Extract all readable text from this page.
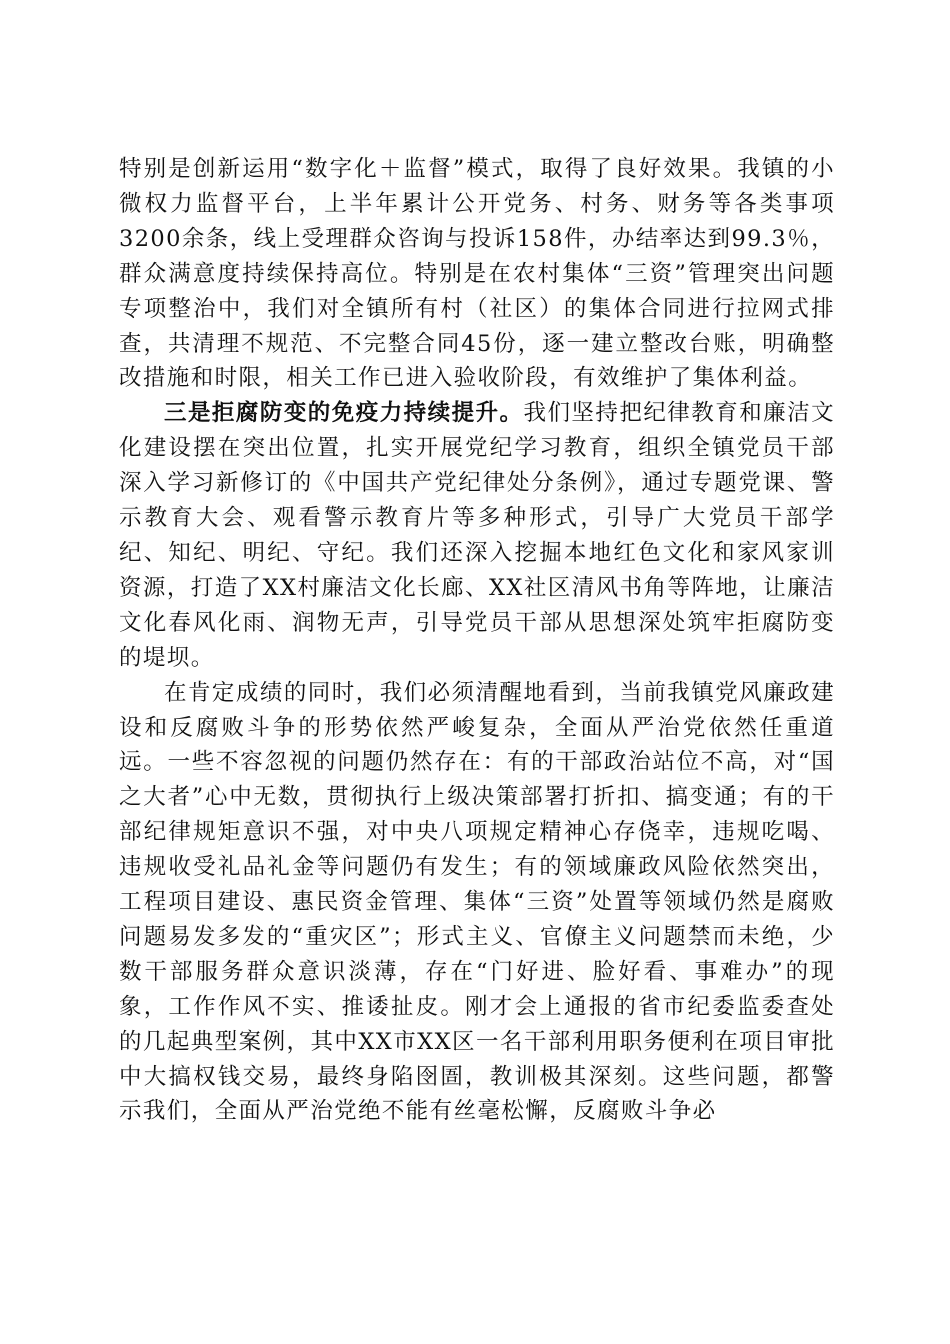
特别是创新运用“数字化＋监督”模式，取得了良好效果。我镇的小微权力监督平台，上半年累计公开党务、村务、财务等各类事项3200余条，线上受理群众咨询与投诉158件，办结率达到99.3％，群众满意度持续保持高位。特别是在农村集体“三资”管理突出问题专项整治中，我们对全镇所有村（社区）的集体合同进行拉网式排查，共清理不规范、不完整合同45份，逐一建立整改台账，明确整改措施和时限，相关工作已进入验收阶段，有效维护了集体利益。

三是拒腐防变的免疫力持续提升。我们坚持把纪律教育和廉洁文化建设摆在突出位置，扎实开展党纪学习教育，组织全镇党员干部深入学习新修订的《中国共产党纪律处分条例》，通过专题党课、警示教育大会、观看警示教育片等多种形式，引导广大党员干部学纪、知纪、明纪、守纪。我们还深入挖掘本地红色文化和家风家训资源，打造了XX村廉洁文化长廊、XX社区清风书角等阵地，让廉洁文化春风化雨、润物无声，引导党员干部从思想深处筑牢拒腐防变的堤坝。

在肯定成绩的同时，我们必须清醒地看到，当前我镇党风廉政建设和反腐败斗争的形势依然严峻复杂，全面从严治党依然任重道远。一些不容忽视的问题仍然存在：有的干部政治站位不高，对“国之大者”心中无数，贯彻执行上级决策部署打折扣、搞变通；有的干部纪律规矩意识不强，对中央八项规定精神心存侥幸，违规吃喝、违规收受礼品礼金等问题仍有发生；有的领域廉政风险依然突出，工程项目建设、惠民资金管理、集体“三资”处置等领域仍然是腐败问题易发多发的“重灾区”；形式主义、官僚主义问题禁而未绝，少数干部服务群众意识淡薄，存在“门好进、脸好看、事难办”的现象，工作作风不实、推诿扯皮。刚才会上通报的省市纪委监委查处的几起典型案例，其中XX市XX区一名干部利用职务便利在项目审批中大搞权钱交易，最终身陷囹圄，教训极其深刻。这些问题，都警示我们，全面从严治党绝不能有丝毫松懈，反腐败斗争必
